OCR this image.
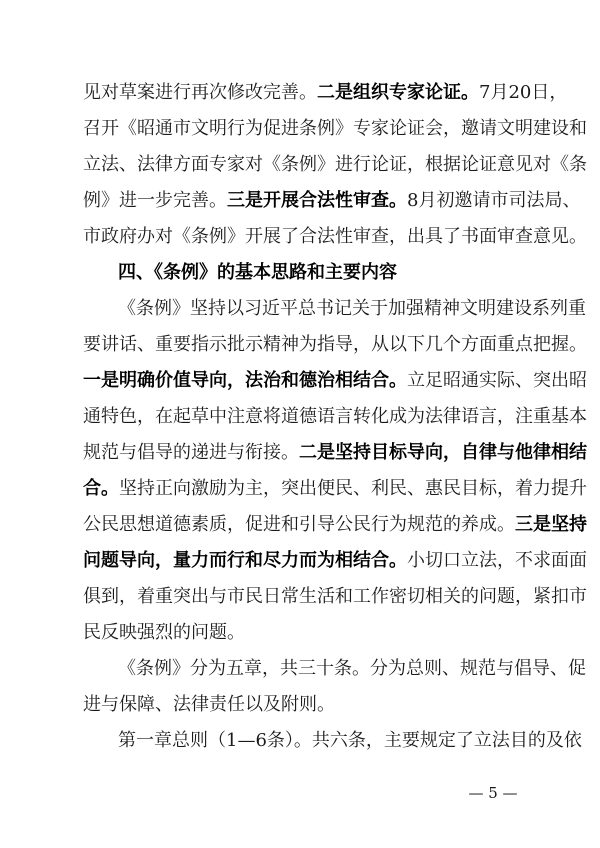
见对草案进行再次修改完善。二是组织专家论证。7月20日，
召开《昭通市文明行为促进条例》专家论证会，邀请文明建设和
立法、法律方面专家对《条例》进行论证，根据论证意见对《条
例》进一步完善。三是开展合法性审查。8月初邀请市司法局、
市政府办对《条例》开展了合法性审查，出具了书面审查意见。
四、《条例》的基本思路和主要内容
《条例》坚持以习近平总书记关于加强精神文明建设系列重
要讲话、重要指示批示精神为指导，从以下几个方面重点把握。
一是明确价值导向，法治和德治相结合。立足昭通实际、突出昭
通特色，在起草中注意将道德语言转化成为法律语言，注重基本
规范与倡导的递进与衔接。二是坚持目标导向，自律与他律相结
合。坚持正向激励为主，突出便民、利民、惠民目标，着力提升
公民思想道德素质，促进和引导公民行为规范的养成。三是坚持
问题导向，量力而行和尽力而为相结合。小切口立法，不求面面
俱到，着重突出与市民日常生活和工作密切相关的问题，紧扣市
民反映强烈的问题。
《条例》分为五章，共三十条。分为总则、规范与倡导、促
进与保障、法律责任以及附则。
第一章总则（1—6条）。共六条，主要规定了立法目的及依
— 5 —
